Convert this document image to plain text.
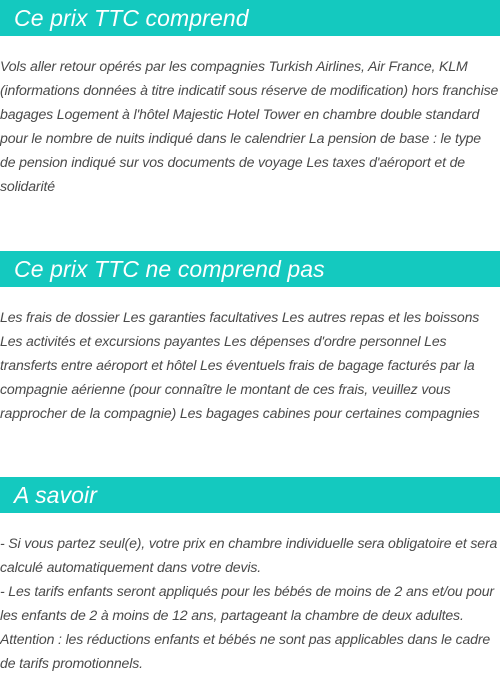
Ce prix TTC comprend

Vols aller retour opérés par les compagnies Turkish Airlines, Air France, KLM (informations données à titre indicatif sous réserve de modification) hors franchise bagages Logement à l'hôtel Majestic Hotel Tower en chambre double standard pour le nombre de nuits indiqué dans le calendrier La pension de base : le type de pension indiqué sur vos documents de voyage Les taxes d'aéroport et de solidarité

Ce prix TTC ne comprend pas

Les frais de dossier Les garanties facultatives Les autres repas et les boissons Les activités et excursions payantes Les dépenses d'ordre personnel Les transferts entre aéroport et hôtel Les éventuels frais de bagage facturés par la compagnie aérienne (pour connaître le montant de ces frais, veuillez vous rapprocher de la compagnie) Les bagages cabines pour certaines compagnies

A savoir
- Si vous partez seul(e), votre prix en chambre individuelle sera obligatoire et sera calculé automatiquement dans votre devis.
- Les tarifs enfants seront appliqués pour les bébés de moins de 2 ans et/ou pour les enfants de 2 à moins de 12 ans, partageant la chambre de deux adultes.
Attention : les réductions enfants et bébés ne sont pas applicables dans le cadre de tarifs promotionnels.
